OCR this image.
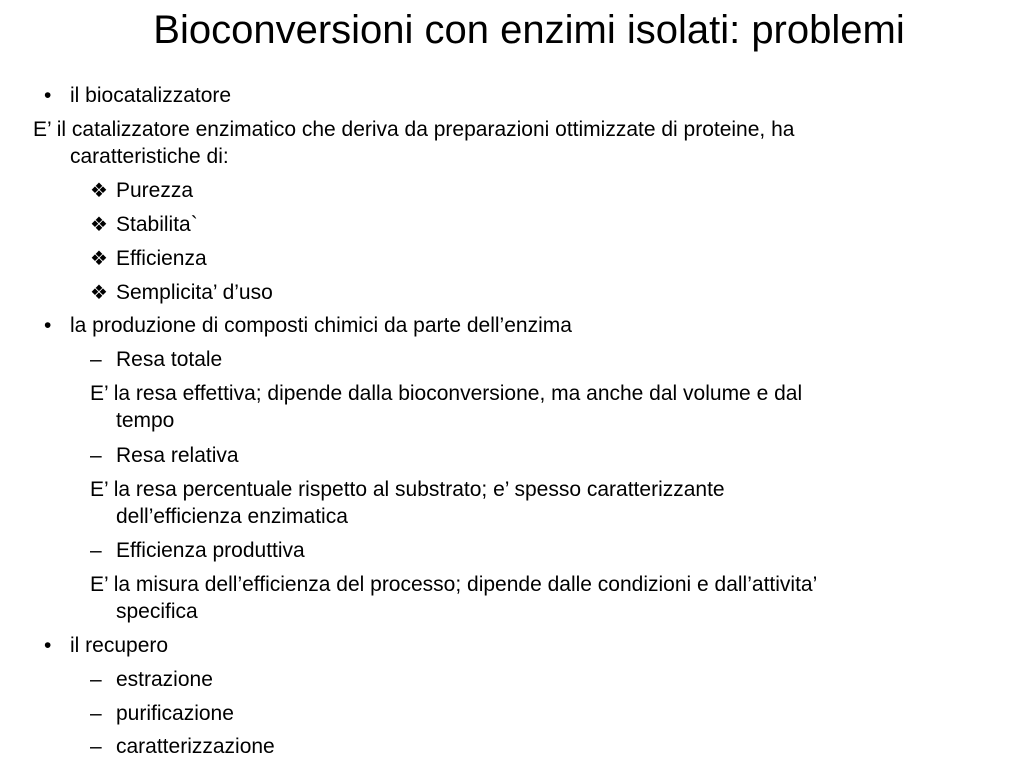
Bioconversioni con enzimi isolati: problemi
• il biocatalizzatore
E’ il catalizzatore enzimatico che deriva da preparazioni ottimizzate di proteine, ha
caratteristiche di:
❖ Purezza
❖ Stabilita`
❖ Efficienza
❖ Semplicita’ d’uso
• la produzione di composti chimici da parte dell’enzima
– Resa totale
E’ la resa effettiva; dipende dalla bioconversione, ma anche dal volume e dal
tempo
– Resa relativa
E’ la resa percentuale rispetto al substrato; e’ spesso caratterizzante
dell’efficienza enzimatica
– Efficienza produttiva
E’ la misura dell’efficienza del processo; dipende dalle condizioni e dall’attivita’
specifica
• il recupero
– estrazione
– purificazione
– caratterizzazione
